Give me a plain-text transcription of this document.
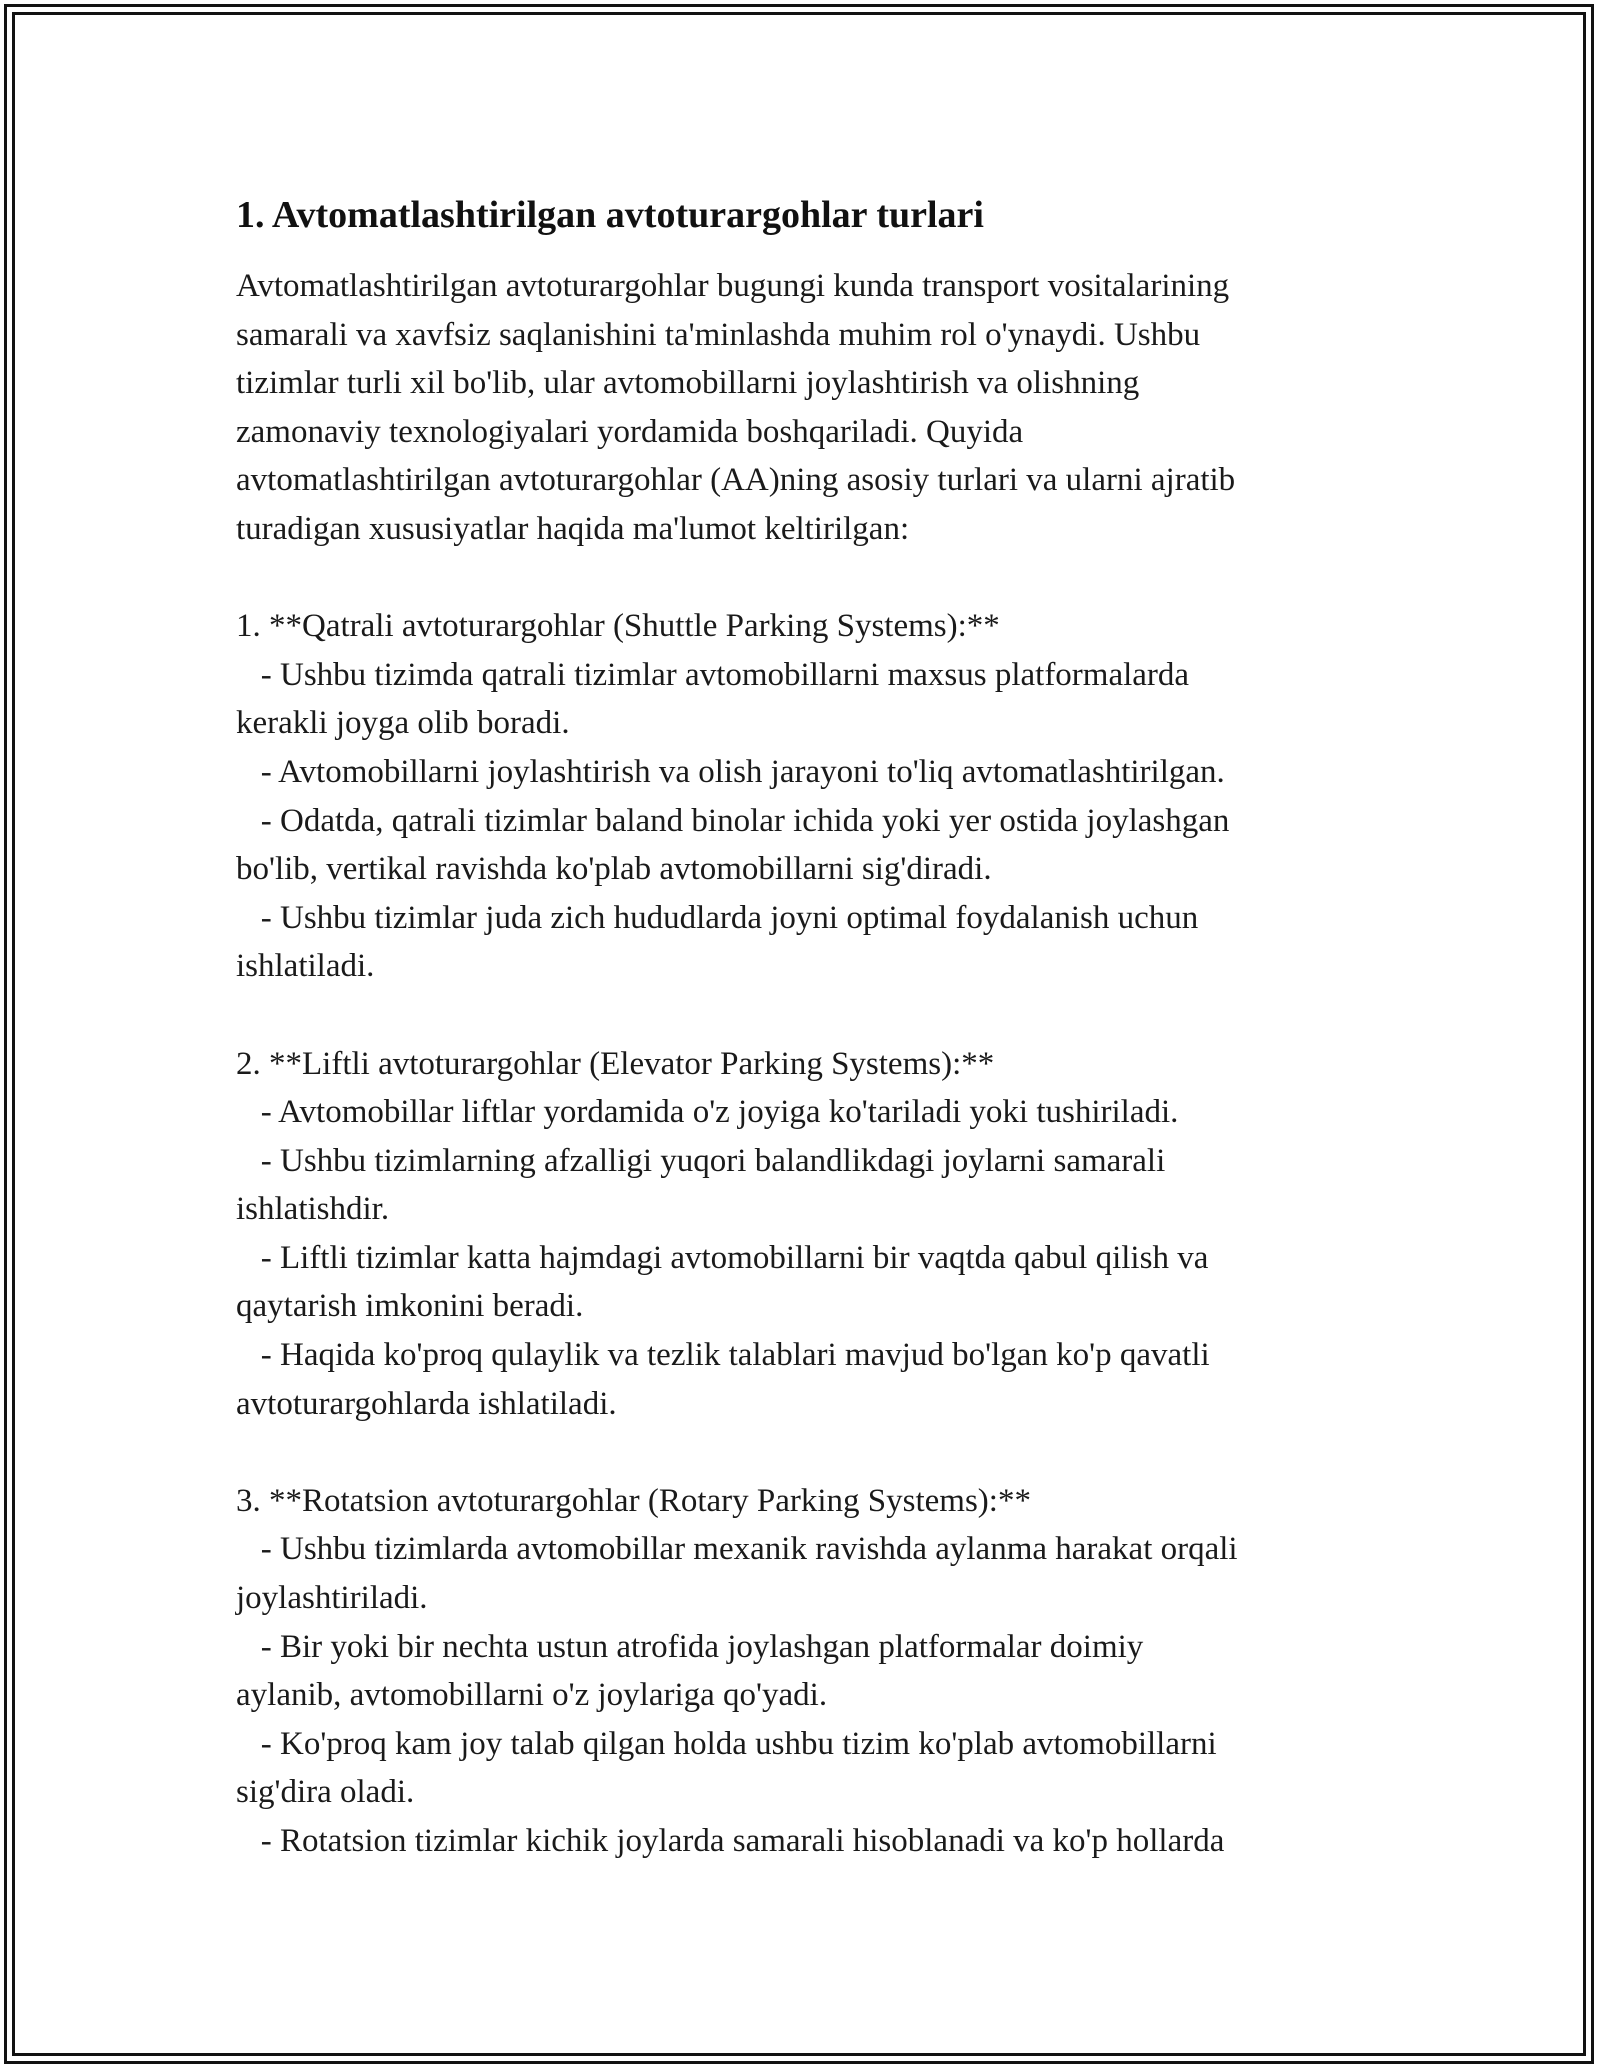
1. Avtomatlashtirilgan avtoturargohlar turlari
Avtomatlashtirilgan avtoturargohlar bugungi kunda transport vositalarining
samarali va xavfsiz saqlanishini ta'minlashda muhim rol o'ynaydi. Ushbu
tizimlar turli xil bo'lib, ular avtomobillarni joylashtirish va olishning
zamonaviy texnologiyalari yordamida boshqariladi. Quyida
avtomatlashtirilgan avtoturargohlar (AA)ning asosiy turlari va ularni ajratib
turadigan xususiyatlar haqida ma'lumot keltirilgan:
1. **Qatrali avtoturargohlar (Shuttle Parking Systems):**
- Ushbu tizimda qatrali tizimlar avtomobillarni maxsus platformalarda
kerakli joyga olib boradi.
- Avtomobillarni joylashtirish va olish jarayoni to'liq avtomatlashtirilgan.
- Odatda, qatrali tizimlar baland binolar ichida yoki yer ostida joylashgan
bo'lib, vertikal ravishda ko'plab avtomobillarni sig'diradi.
- Ushbu tizimlar juda zich hududlarda joyni optimal foydalanish uchun
ishlatiladi.
2. **Liftli avtoturargohlar (Elevator Parking Systems):**
- Avtomobillar liftlar yordamida o'z joyiga ko'tariladi yoki tushiriladi.
- Ushbu tizimlarning afzalligi yuqori balandlikdagi joylarni samarali
ishlatishdir.
- Liftli tizimlar katta hajmdagi avtomobillarni bir vaqtda qabul qilish va
qaytarish imkonini beradi.
- Haqida ko'proq qulaylik va tezlik talablari mavjud bo'lgan ko'p qavatli
avtoturargohlarda ishlatiladi.
3. **Rotatsion avtoturargohlar (Rotary Parking Systems):**
- Ushbu tizimlarda avtomobillar mexanik ravishda aylanma harakat orqali
joylashtiriladi.
- Bir yoki bir nechta ustun atrofida joylashgan platformalar doimiy
aylanib, avtomobillarni o'z joylariga qo'yadi.
- Ko'proq kam joy talab qilgan holda ushbu tizim ko'plab avtomobillarni
sig'dira oladi.
- Rotatsion tizimlar kichik joylarda samarali hisoblanadi va ko'p hollarda
